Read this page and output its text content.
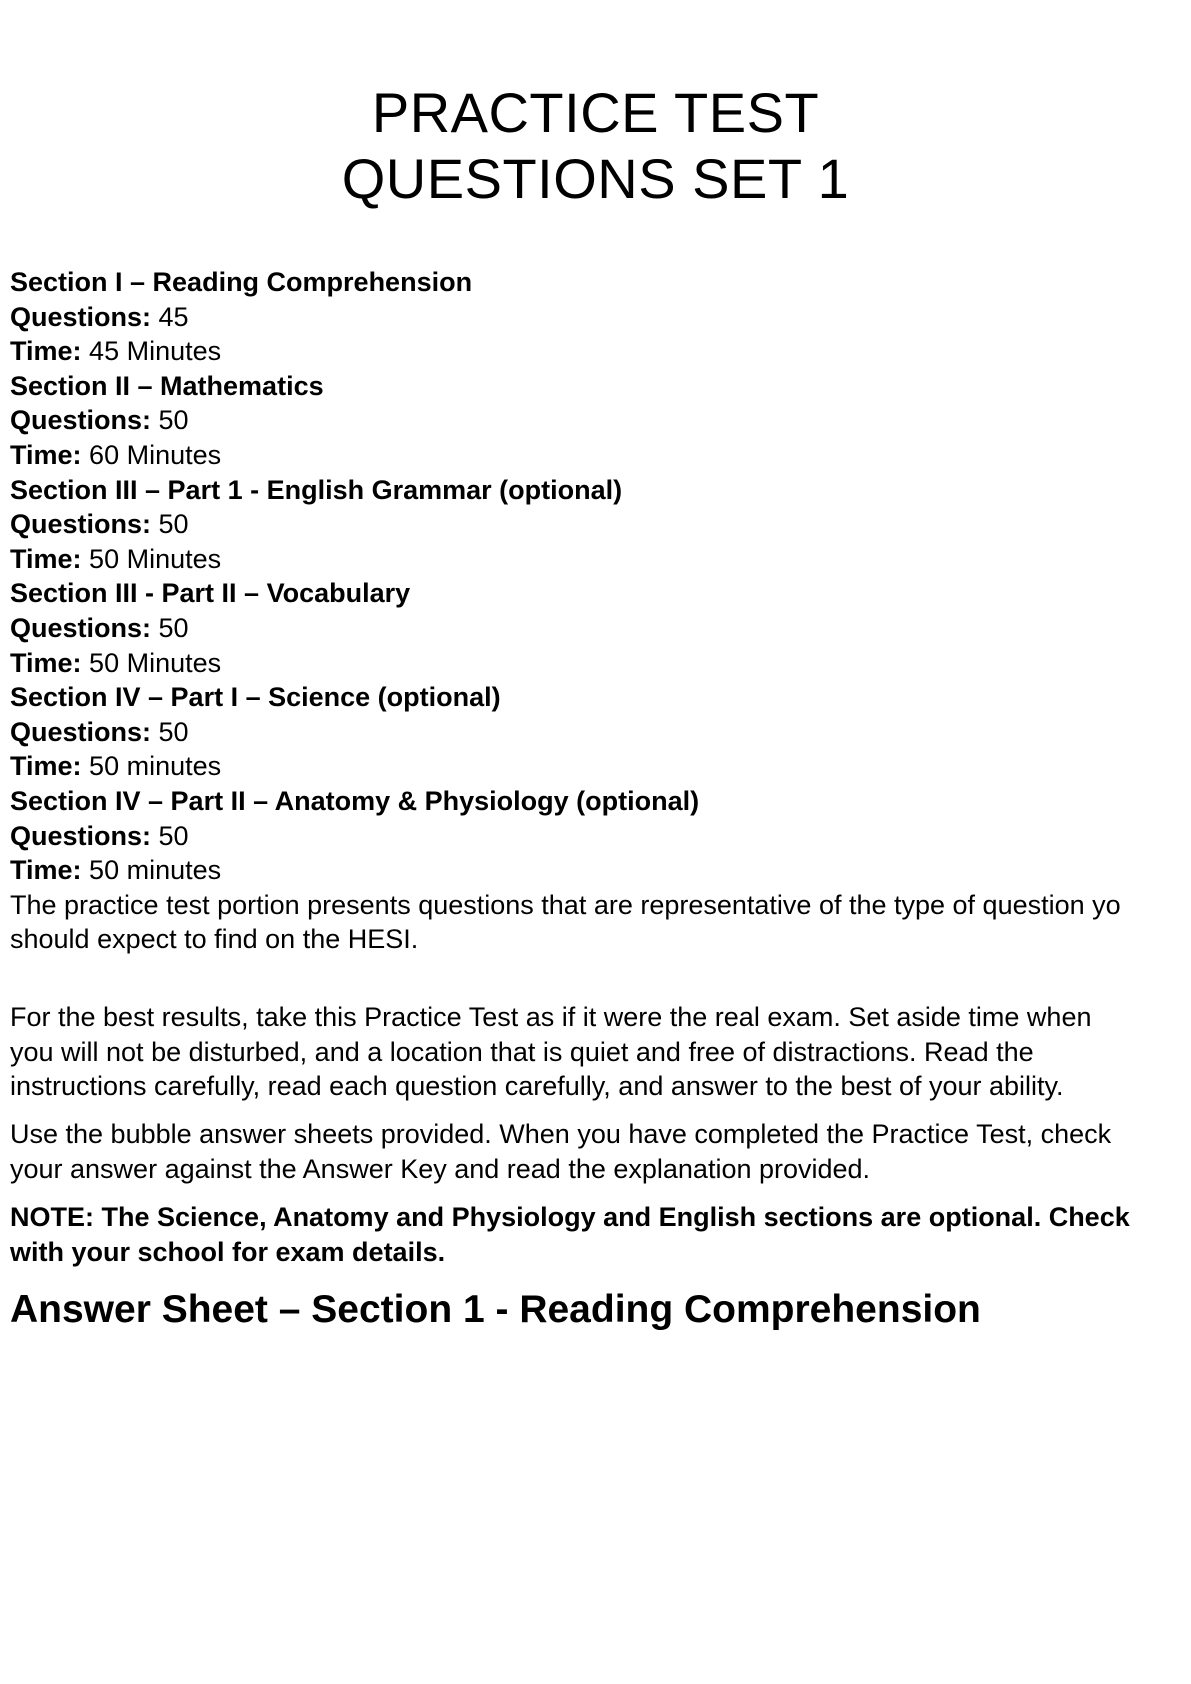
PRACTICE TEST
QUESTIONS SET 1
Section I – Reading Comprehension
Questions: 45
Time: 45 Minutes
Section II – Mathematics
Questions: 50
Time: 60 Minutes
Section III – Part 1 - English Grammar (optional)
Questions: 50
Time: 50 Minutes
Section III - Part II – Vocabulary
Questions: 50
Time: 50 Minutes
Section IV – Part I – Science (optional)
Questions: 50
Time: 50 minutes
Section IV – Part II – Anatomy & Physiology (optional)
Questions: 50
Time: 50 minutes
The practice test portion presents questions that are representative of the type of question yo
should expect to find on the HESI.
For the best results, take this Practice Test as if it were the real exam. Set aside time when
you will not be disturbed, and a location that is quiet and free of distractions. Read the
instructions carefully, read each question carefully, and answer to the best of your ability.
Use the bubble answer sheets provided. When you have completed the Practice Test, check
your answer against the Answer Key and read the explanation provided.
NOTE: The Science, Anatomy and Physiology and English sections are optional. Check
with your school for exam details.
Answer Sheet – Section 1 - Reading Comprehension
